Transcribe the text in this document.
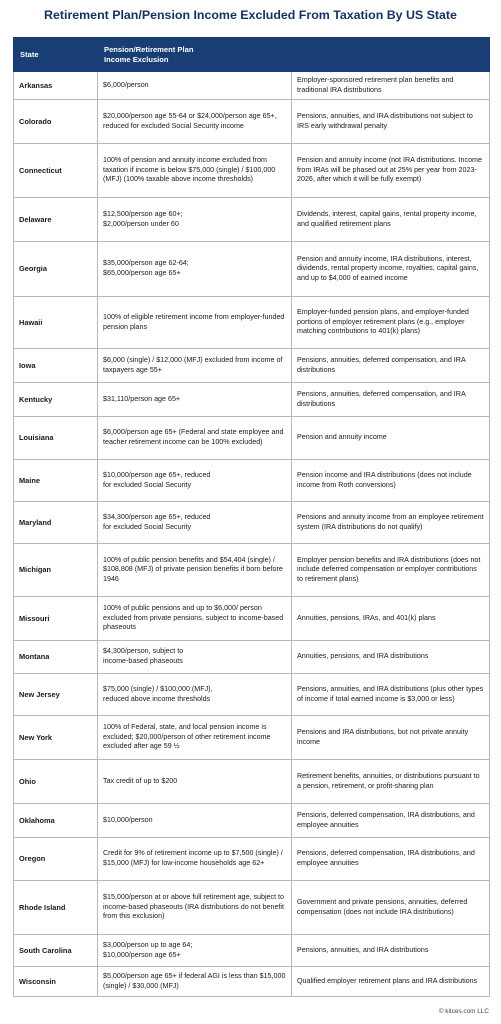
Retirement Plan/Pension Income Excluded From Taxation By US State
State	Pension/Retirement Plan
Income Exclusion	
Arkansas	$6,000/person	Employer-sponsored retirement plan benefits and traditional IRA distributions
Colorado	$20,000/person age 55-64 or $24,000/person age 65+, reduced for excluded Social Security income	Pensions, annuities, and IRA distributions not subject to IRS early withdrawal penalty
Connecticut	100% of pension and annuity income excluded from taxation if income is below $75,000 (single) / $100,000 (MFJ) (100% taxable above income thresholds)	Pension and annuity income (not IRA distributions. Income from IRAs will be phased out at 25% per year from 2023-2026, after which it will be fully exempt)
Delaware	$12,500/person age 60+;
$2,000/person under 60	Dividends, interest, capital gains, rental property income, and qualified retirement plans
Georgia	$35,000/person age 62-64;
$65,000/person age 65+	Pension and annuity income, IRA distributions, interest, dividends, rental property income, royalties, capital gains, and up to $4,000 of earned income
Hawaii	100% of eligible retirement income from employer-funded pension plans	Employer-funded pension plans, and employer-funded portions of employer retirement plans (e.g., employer matching contributions to 401(k) plans)
Iowa	$6,000 (single) / $12,000 (MFJ) excluded from income of taxpayers age 55+	Pensions, annuities, deferred compensation, and IRA distributions
Kentucky	$31,110/person age 65+	Pensions, annuities, deferred compensation, and IRA distributions
Louisiana	$6,000/person age 65+ (Federal and state employee and teacher retirement income can be 100% excluded)	Pension and annuity income
Maine	$10,000/person age 65+, reduced
for excluded Social Security	Pension income and IRA distributions (does not include income from Roth conversions)
Maryland	$34,300/person age 65+, reduced
for excluded Social Security	Pensions and annuity income from an employee retirement system (IRA distributions do not qualify)
Michigan	100% of public pension benefits and $54,404 (single) / $108,808 (MFJ) of private pension benefits if born before 1946	Employer pension benefits and IRA distributions (does not include deferred compensation or employer contributions to retirement plans)
Missouri	100% of public pensions and up to $6,000/ person excluded from private pensions, subject to income-based phaseouts	Annuities, pensions, IRAs, and 401(k) plans
Montana	$4,300/person, subject to
income-based phaseouts	Annuities, pensions, and IRA distributions
New Jersey	$75,000 (single) / $100,000 (MFJ),
reduced above income thresholds	Pensions, annuities, and IRA distributions (plus other types of income if total earned income is $3,000 or less)
New York	100% of Federal, state, and local pension income is excluded; $20,000/person of other retirement income excluded after age 59 ½	Pensions and IRA distributions, but not private annuity income
Ohio	Tax credit of up to $200	Retirement benefits, annuities, or distributions pursuant to a pension, retirement, or profit-sharing plan
Oklahoma	$10,000/person	Pensions, deferred compensation, IRA distributions, and employee annuities
Oregon	Credit for 9% of retirement income up to $7,500 (single) / $15,000 (MFJ) for low-income households age 62+	Pensions, deferred compensation, IRA distributions, and employee annuities
Rhode Island	$15,000/person at or above full retirement age, subject to income-based phaseouts (IRA distributions do not benefit from this exclusion)	Government and private pensions, annuities, deferred compensation (does not include IRA distributions)
South Carolina	$3,000/person up to age 64;
$10,000/person age 65+	Pensions, annuities, and IRA distributions
Wisconsin	$5,000/person age 65+ if federal AGI is less than $15,000 (single) / $30,000 (MFJ)	Qualified employer retirement plans and IRA distributions
© kitces.com LLC
